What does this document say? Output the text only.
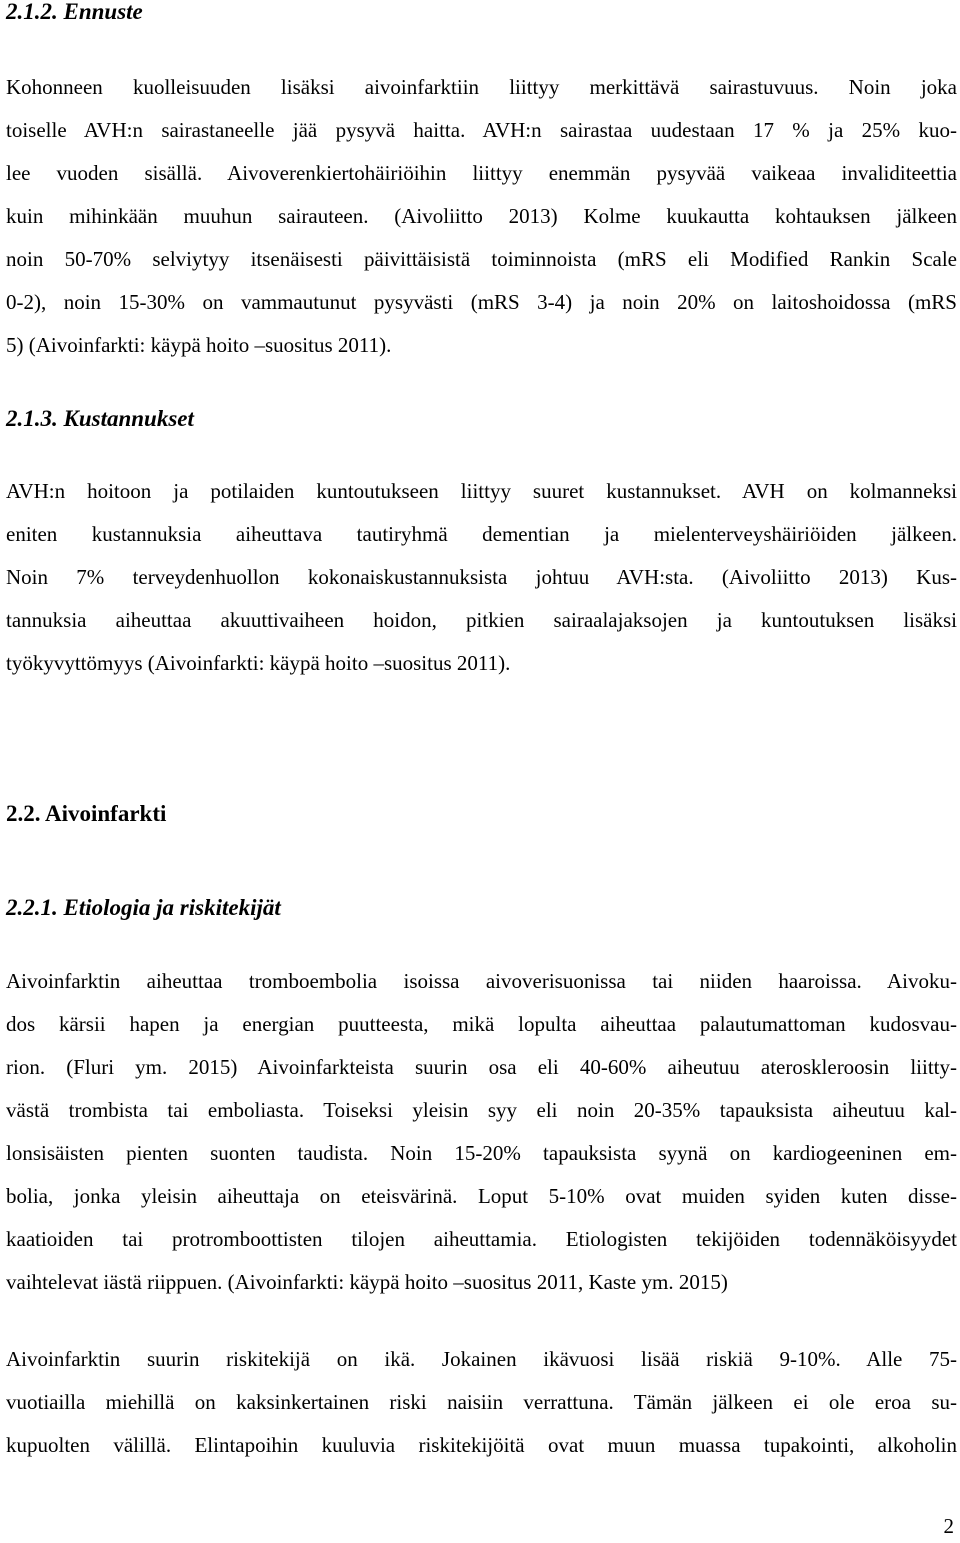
2.1.2. Ennuste

Kohonneen kuolleisuuden lisäksi aivoinfarktiin liittyy merkittävä sairastuvuus. Noin joka
toiselle AVH:n sairastaneelle jää pysyvä haitta. AVH:n sairastaa uudestaan 17 % ja 25% kuo-
lee vuoden sisällä. Aivoverenkiertohäiriöihin liittyy enemmän pysyvää vaikeaa invaliditeettia
kuin mihinkään muuhun sairauteen. (Aivoliitto 2013) Kolme kuukautta kohtauksen jälkeen
noin 50-70% selviytyy itsenäisesti päivittäisistä toiminnoista (mRS eli Modified Rankin Scale
0-2), noin 15-30% on vammautunut pysyvästi (mRS 3-4) ja noin 20% on laitoshoidossa (mRS
5) (Aivoinfarkti: käypä hoito –suositus 2011).

2.1.3. Kustannukset

AVH:n hoitoon ja potilaiden kuntoutukseen liittyy suuret kustannukset. AVH on kolmanneksi
eniten kustannuksia aiheuttava tautiryhmä dementian ja mielenterveyshäiriöiden jälkeen.
Noin 7% terveydenhuollon kokonaiskustannuksista johtuu AVH:sta. (Aivoliitto 2013) Kus-
tannuksia aiheuttaa akuuttivaiheen hoidon, pitkien sairaalajaksojen ja kuntoutuksen lisäksi
työkyvyttömyys (Aivoinfarkti: käypä hoito –suositus 2011).

2.2. Aivoinfarkti
2.2.1. Etiologia ja riskitekijät

Aivoinfarktin aiheuttaa tromboembolia isoissa aivoverisuonissa tai niiden haaroissa. Aivoku-
dos kärsii hapen ja energian puutteesta, mikä lopulta aiheuttaa palautumattoman kudosvau-
rion. (Fluri ym. 2015) Aivoinfarkteista suurin osa eli 40-60% aiheutuu ateroskleroosin liitty-
västä trombista tai emboliasta. Toiseksi yleisin syy eli noin 20-35% tapauksista aiheutuu kal-
lonsisäisten pienten suonten taudista. Noin 15-20% tapauksista syynä on kardiogeeninen em-
bolia, jonka yleisin aiheuttaja on eteisvärinä. Loput 5-10% ovat muiden syiden kuten disse-
kaatioiden tai protromboottisten tilojen aiheuttamia. Etiologisten tekijöiden todennäköisyydet
vaihtelevat iästä riippuen. (Aivoinfarkti: käypä hoito –suositus 2011, Kaste ym. 2015)

Aivoinfarktin suurin riskitekijä on ikä. Jokainen ikävuosi lisää riskiä 9-10%. Alle 75-
vuotiailla miehillä on kaksinkertainen riski naisiin verrattuna. Tämän jälkeen ei ole eroa su-
kupuolten välillä. Elintapoihin kuuluvia riskitekijöitä ovat muun muassa tupakointi, alkoholin

2
